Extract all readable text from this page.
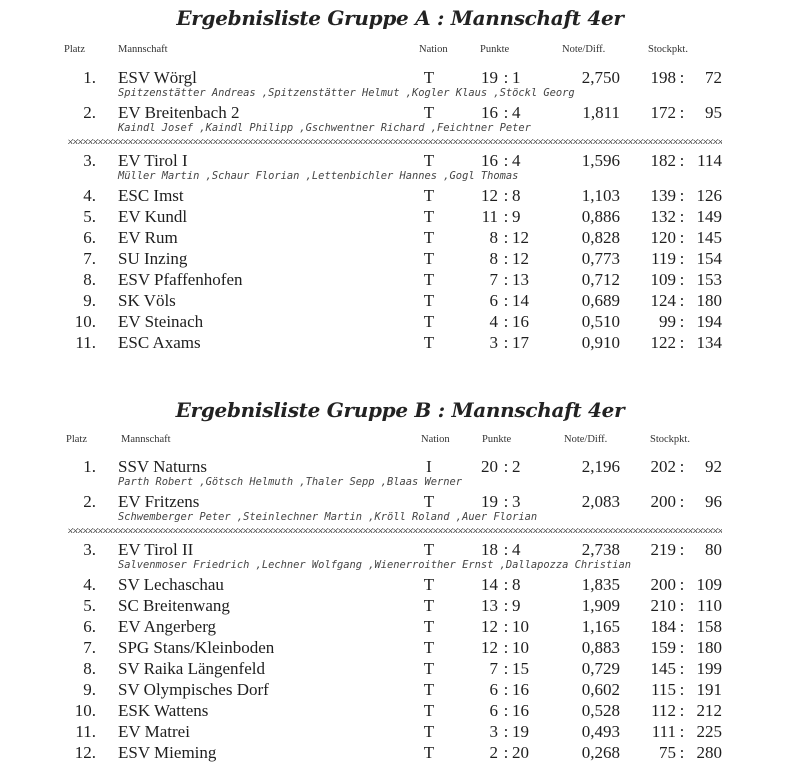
Ergebnisliste Gruppe A : Mannschaft 4er
Platz	Mannschaft	Nation	Punkte	Note/Diff.	Stockpkt.
1. ESV Wörgl	T	19 : 1	2,750	198 :	72
Spitzenstätter Andreas ,Spitzenstätter Helmut ,Kogler Klaus ,Stöckl Georg
2. EV Breitenbach 2	T	16 : 4	1,811	172 :	95
Kaindl Josef ,Kaindl Philipp ,Gschwentner Richard ,Feichtner Peter
3. EV Tirol I	T	16 : 4	1,596	182 : 114
Müller Martin ,Schaur Florian ,Lettenbichler Hannes ,Gogl Thomas
4. ESC Imst	T	12 : 8	1,103	139 : 126
5. EV Kundl	T	11 : 9	0,886	132 : 149
6. EV Rum	T	8 : 12	0,828	120 : 145
7. SU Inzing	T	8 : 12	0,773	119 : 154
8. ESV Pfaffenhofen	T	7 : 13	0,712	109 : 153
9. SK Völs	T	6 : 14	0,689	124 : 180
10. EV Steinach	T	4 : 16	0,510	99 : 194
11. ESC Axams	T	3 : 17	0,910	122 : 134
Ergebnisliste Gruppe B : Mannschaft 4er
Platz	Mannschaft	Nation	Punkte	Note/Diff.	Stockpkt.
1. SSV Naturns	I	20 : 2	2,196	202 :	92
Parth Robert ,Götsch Helmuth ,Thaler Sepp ,Blaas Werner
2. EV Fritzens	T	19 : 3	2,083	200 :	96
Schwemberger Peter ,Steinlechner Martin ,Kröll Roland ,Auer Florian
3. EV Tirol II	T	18 : 4	2,738	219 :	80
Salvenmoser Friedrich ,Lechner Wolfgang ,Wienerroither Ernst ,Dallapozza Christian
4. SV Lechaschau	T	14 : 8	1,835	200 : 109
5. SC Breitenwang	T	13 : 9	1,909	210 : 110
6. EV Angerberg	T	12 : 10	1,165	184 : 158
7. SPG Stans/Kleinboden	T	12 : 10	0,883	159 : 180
8. SV Raika Längenfeld	T	7 : 15	0,729	145 : 199
9. SV Olympisches Dorf	T	6 : 16	0,602	115 : 191
10. ESK Wattens	T	6 : 16	0,528	112 : 212
11. EV Matrei	T	3 : 19	0,493	111 : 225
12. ESV Mieming	T	2 : 20	0,268	75 : 280
